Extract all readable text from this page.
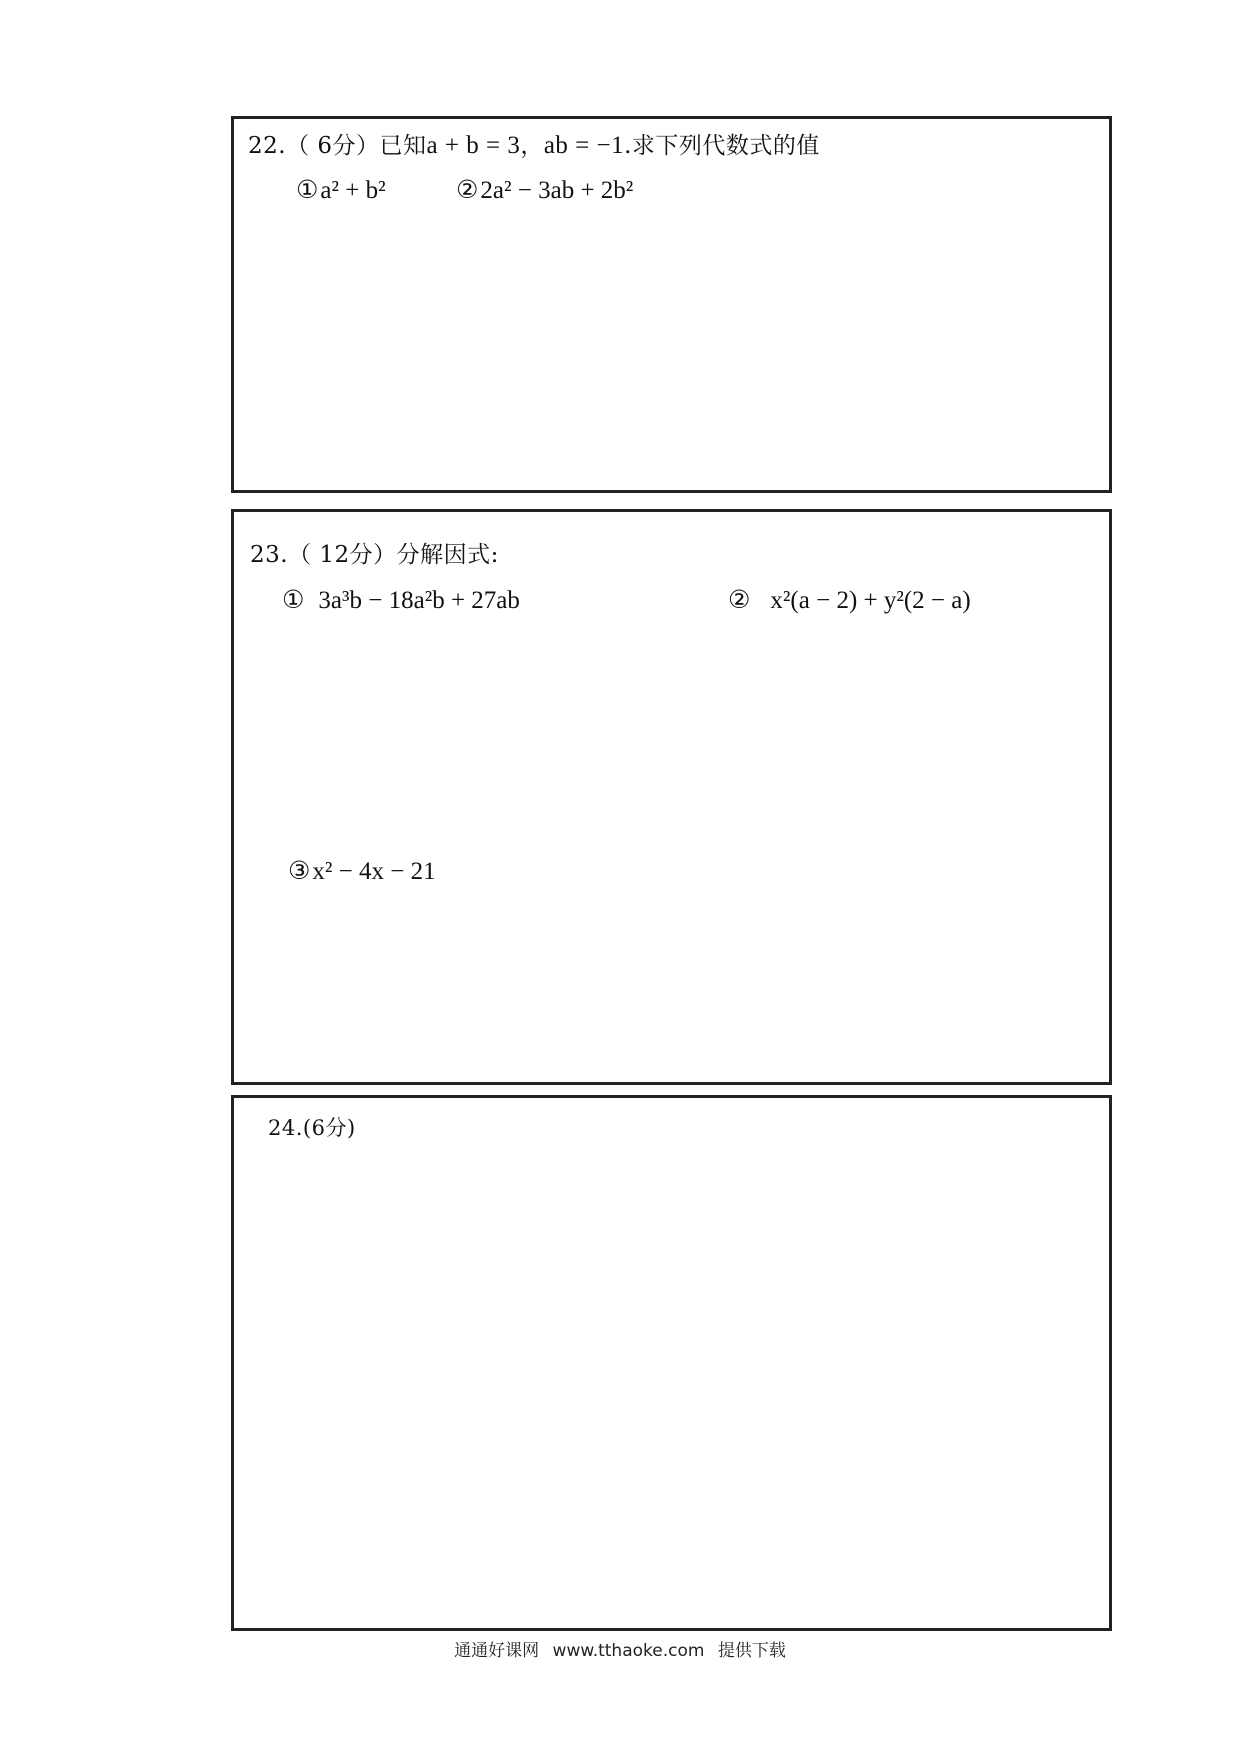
22.（ 6分）已知a + b = 3，ab = −1.求下列代数式的值
①a² + b²	②2a² − 3ab + 2b²
23.（ 12分）分解因式:
① 3a³b − 18a²b + 27ab	② x²(a − 2) + y²(2 − a)
③x² − 4x − 21
24.(6分)
通通好课网 www.tthaoke.com 提供下载
